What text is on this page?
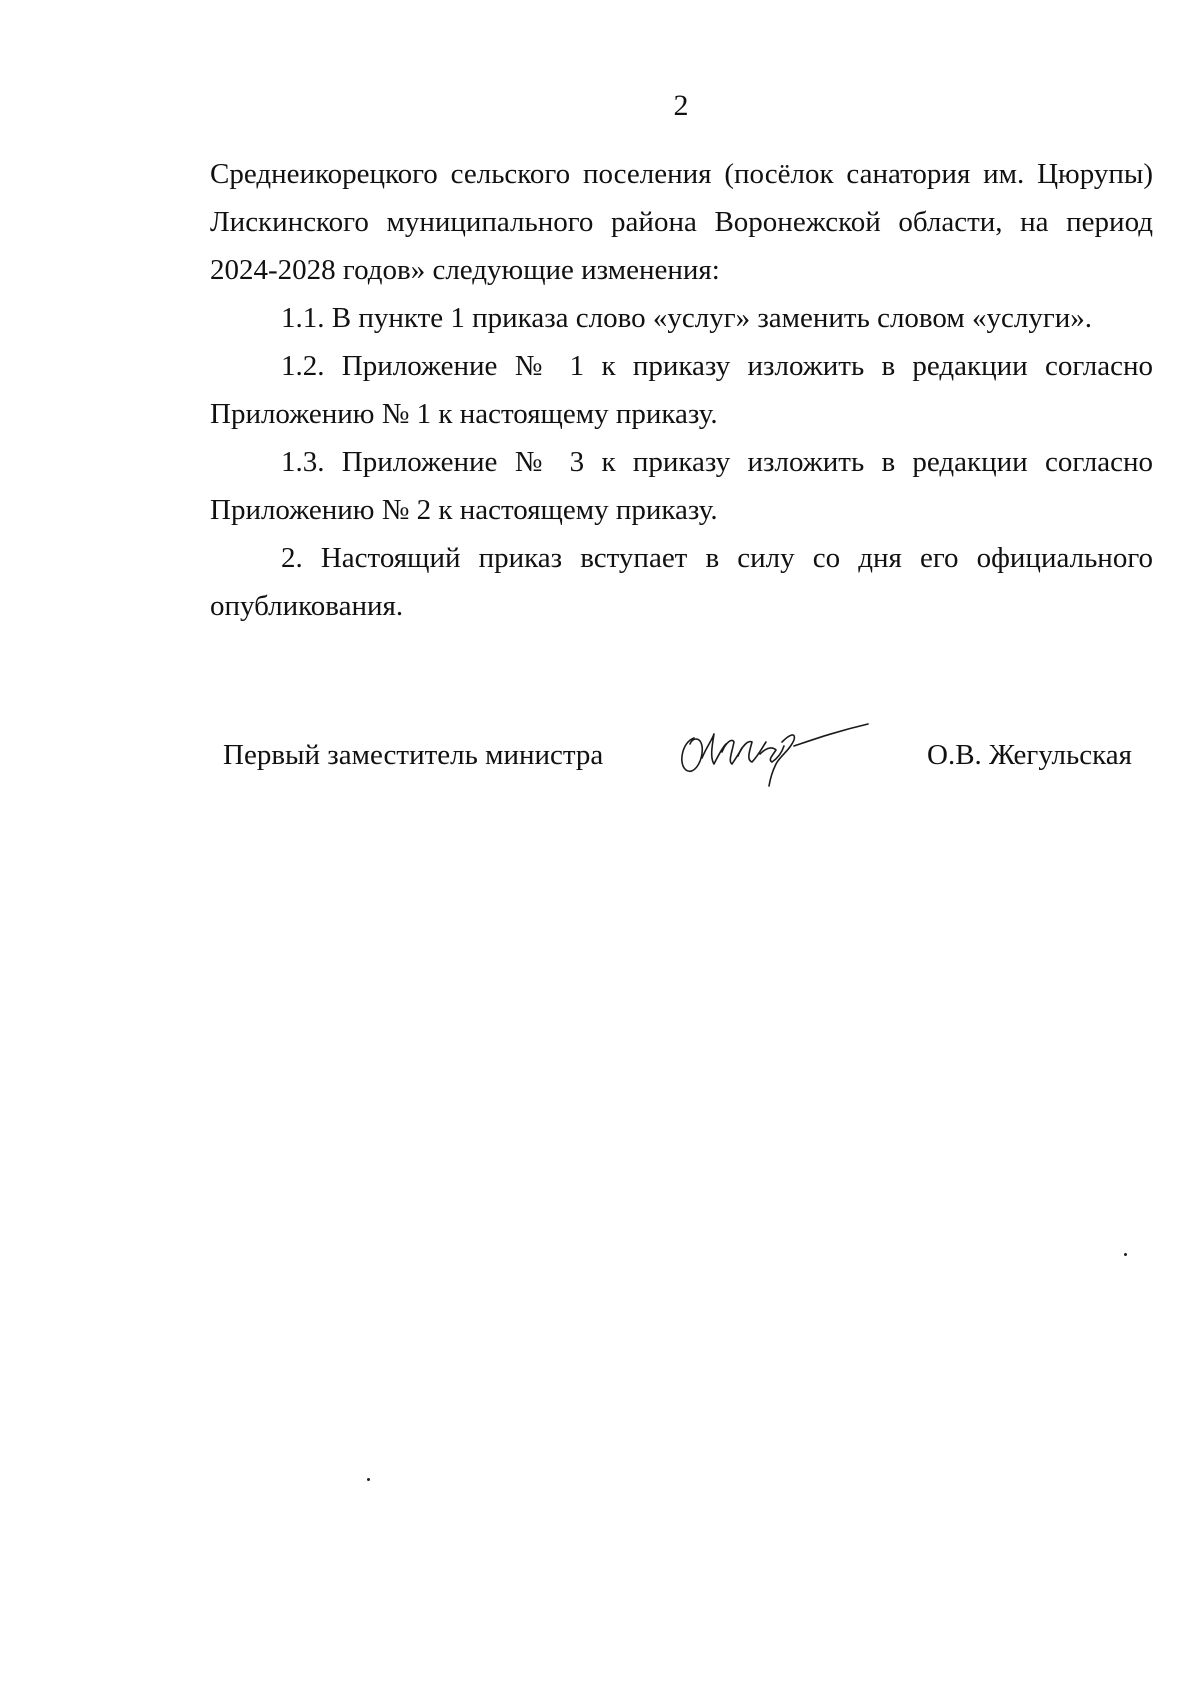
2

Среднеикорецкого сельского поселения (посёлок санатория им. Цюрупы) Лискинского муниципального района Воронежской области, на период 2024-2028 годов» следующие изменения:

1.1. В пункте 1 приказа слово «услуг» заменить словом «услуги».

1.2. Приложение № 1 к приказу изложить в редакции согласно Приложению № 1 к настоящему приказу.

1.3. Приложение № 3 к приказу изложить в редакции согласно Приложению № 2 к настоящему приказу.

2. Настоящий приказ вступает в силу со дня его официального опубликования.

Первый заместитель министра	О.В. Жегульская
